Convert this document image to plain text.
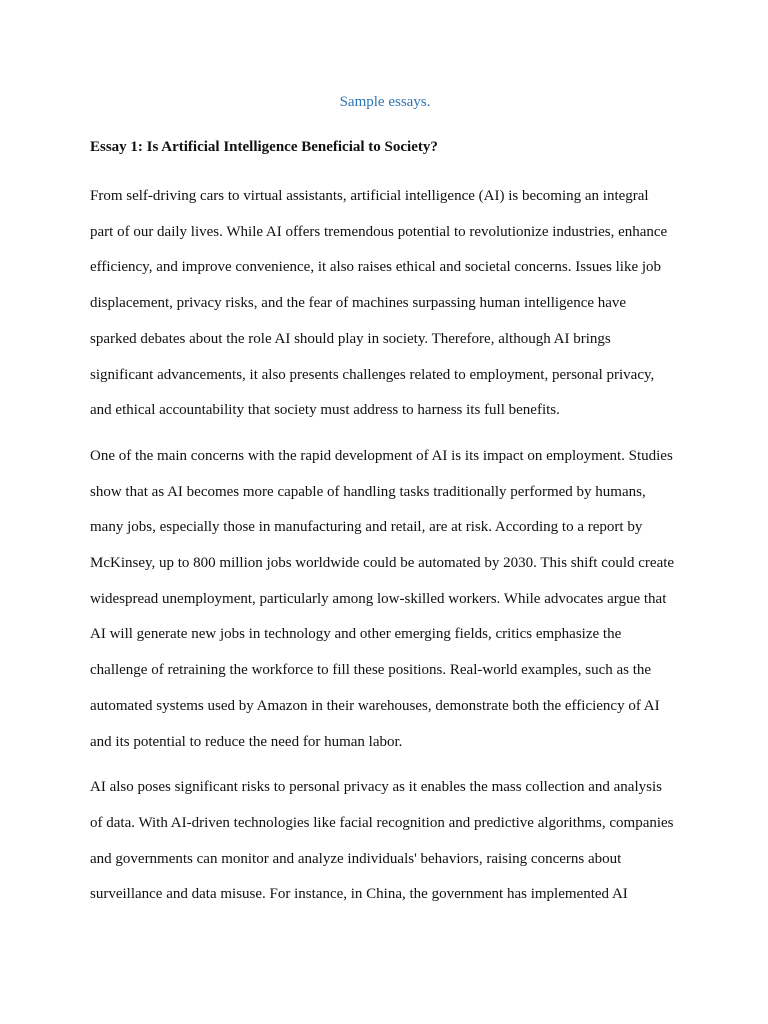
Sample essays.
Essay 1: Is Artificial Intelligence Beneficial to Society?
From self-driving cars to virtual assistants, artificial intelligence (AI) is becoming an integral
part of our daily lives. While AI offers tremendous potential to revolutionize industries, enhance
efficiency, and improve convenience, it also raises ethical and societal concerns. Issues like job
displacement, privacy risks, and the fear of machines surpassing human intelligence have
sparked debates about the role AI should play in society. Therefore, although AI brings
significant advancements, it also presents challenges related to employment, personal privacy,
and ethical accountability that society must address to harness its full benefits.
One of the main concerns with the rapid development of AI is its impact on employment. Studies
show that as AI becomes more capable of handling tasks traditionally performed by humans,
many jobs, especially those in manufacturing and retail, are at risk. According to a report by
McKinsey, up to 800 million jobs worldwide could be automated by 2030. This shift could create
widespread unemployment, particularly among low-skilled workers. While advocates argue that
AI will generate new jobs in technology and other emerging fields, critics emphasize the
challenge of retraining the workforce to fill these positions. Real-world examples, such as the
automated systems used by Amazon in their warehouses, demonstrate both the efficiency of AI
and its potential to reduce the need for human labor.
AI also poses significant risks to personal privacy as it enables the mass collection and analysis
of data. With AI-driven technologies like facial recognition and predictive algorithms, companies
and governments can monitor and analyze individuals' behaviors, raising concerns about
surveillance and data misuse. For instance, in China, the government has implemented AI
